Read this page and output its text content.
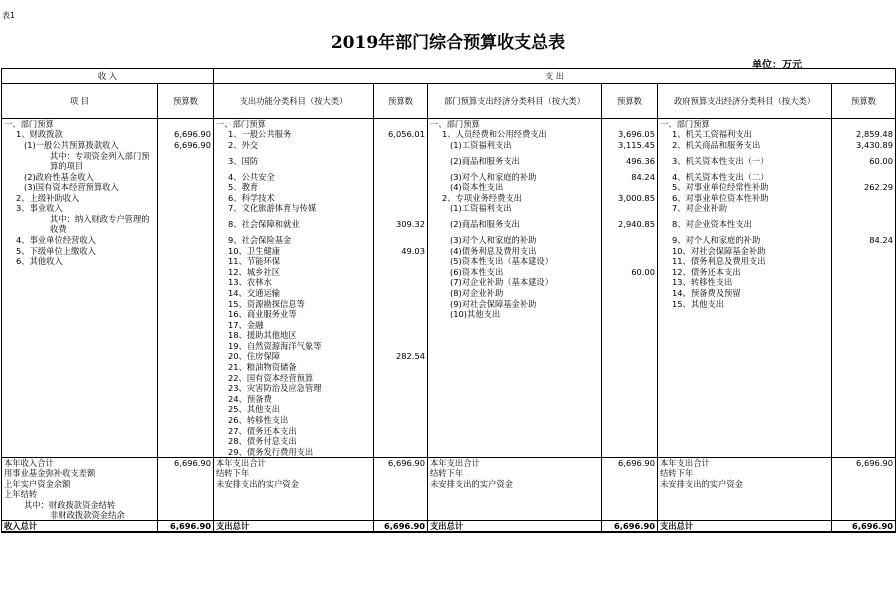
表1
2019年部门综合预算收支总表
单位：万元
收 入		支 出					
项 目	预算数	支出功能分类科目（按大类）	预算数	部门预算支出经济分类科目（按大类）	预算数	政府预算支出经济分类科目（按大类）	预算数
一、部门预算		一、部门预算		一、部门预算		一、部门预算	
1、财政拨款	6,696.90	1、一般公共服务	6,056.01	1、人员经费和公用经费支出	3,696.05	1、机关工资福利支出	2,859.48
(1)一般公共预算拨款收入	6,696.90	2、外交		(1)工资福利支出	3,115.45	2、机关商品和服务支出	3,430.89
其中：专项资金列入部门预算的项目		3、国防		(2)商品和服务支出	496.36	3、机关资本性支出（一）	60.00
(2)政府性基金收入		4、公共安全		(3)对个人和家庭的补助	84.24	4、机关资本性支出（二）	
(3)国有资本经营预算收入		5、教育		(4)资本性支出		5、对事业单位经常性补助	262.29
2、上级补助收入		6、科学技术		2、专项业务经费支出	3,000.85	6、对事业单位资本性补助	
3、事业收入		7、文化旅游体育与传媒		(1)工资福利支出		7、对企业补助	
其中：纳入财政专户管理的收费		8、社会保障和就业	309.32	(2)商品和服务支出	2,940.85	8、对企业资本性支出	
4、事业单位经营收入		9、社会保险基金		(3)对个人和家庭的补助		9、对个人和家庭的补助	84.24
5、下级单位上缴收入		10、卫生健康	49.03	(4)债务利息及费用支出		10、对社会保障基金补助	
6、其他收入		11、节能环保		(5)资本性支出（基本建设）		11、债务利息及费用支出	
		12、城乡社区		(6)资本性支出	60.00	12、债务还本支出	
		13、农林水		(7)对企业补助（基本建设）		13、转移性支出	
		14、交通运输		(8)对企业补助		14、预备费及预留	
		15、资源勘探信息等		(9)对社会保障基金补助		15、其他支出	
		16、商业服务业等		(10)其他支出			
		17、金融					
		18、援助其他地区					
		19、自然资源海洋气象等					
		20、住房保障	282.54				
		21、粮油物资储备					
		22、国有资本经营预算					
		23、灾害防治及应急管理					
		24、预备费					
		25、其他支出					
		26、转移性支出					
		27、债务还本支出					
		28、债务付息支出					
		29、债务发行费用支出					
本年收入合计	6,696.90	本年支出合计	6,696.90	本年支出合计	6,696.90	本年支出合计	6,696.90
用事业基金弥补收支差额		结转下年		结转下年		结转下年	
上年实户资金余额		未安排支出的实户资金		未安排支出的实户资金		未安排支出的实户资金	
上年结转							
其中：财政拨款资金结转							
非财政拨款资金结余							
收入总计	6,696.90	支出总计	6,696.90	支出总计	6,696.90	支出总计	6,696.90
